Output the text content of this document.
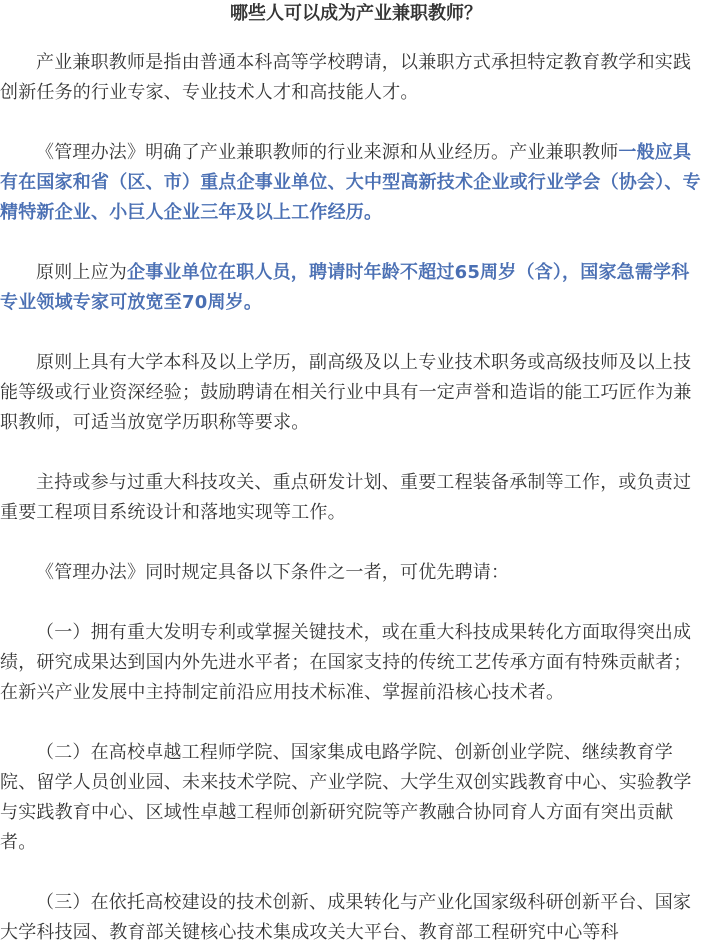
哪些人可以成为产业兼职教师？

产业兼职教师是指由普通本科高等学校聘请，以兼职方式承担特定教育教学和实践创新任务的行业专家、专业技术人才和高技能人才。

《管理办法》明确了产业兼职教师的行业来源和从业经历。产业兼职教师一般应具有在国家和省（区、市）重点企事业单位、大中型高新技术企业或行业学会（协会）、专精特新企业、小巨人企业三年及以上工作经历。

原则上应为企事业单位在职人员，聘请时年龄不超过65周岁（含），国家急需学科专业领域专家可放宽至70周岁。

原则上具有大学本科及以上学历，副高级及以上专业技术职务或高级技师及以上技能等级或行业资深经验；鼓励聘请在相关行业中具有一定声誉和造诣的能工巧匠作为兼职教师，可适当放宽学历职称等要求。

主持或参与过重大科技攻关、重点研发计划、重要工程装备承制等工作，或负责过重要工程项目系统设计和落地实现等工作。

《管理办法》同时规定具备以下条件之一者，可优先聘请：

（一）拥有重大发明专利或掌握关键技术，或在重大科技成果转化方面取得突出成绩，研究成果达到国内外先进水平者；在国家支持的传统工艺传承方面有特殊贡献者；在新兴产业发展中主持制定前沿应用技术标准、掌握前沿核心技术者。

（二）在高校卓越工程师学院、国家集成电路学院、创新创业学院、继续教育学院、留学人员创业园、未来技术学院、产业学院、大学生双创实践教育中心、实验教学与实践教育中心、区域性卓越工程师创新研究院等产教融合协同育人方面有突出贡献者。

（三）在依托高校建设的技术创新、成果转化与产业化国家级科研创新平台、国家大学科技园、教育部关键核心技术集成攻关大平台、教育部工程研究中心等科
